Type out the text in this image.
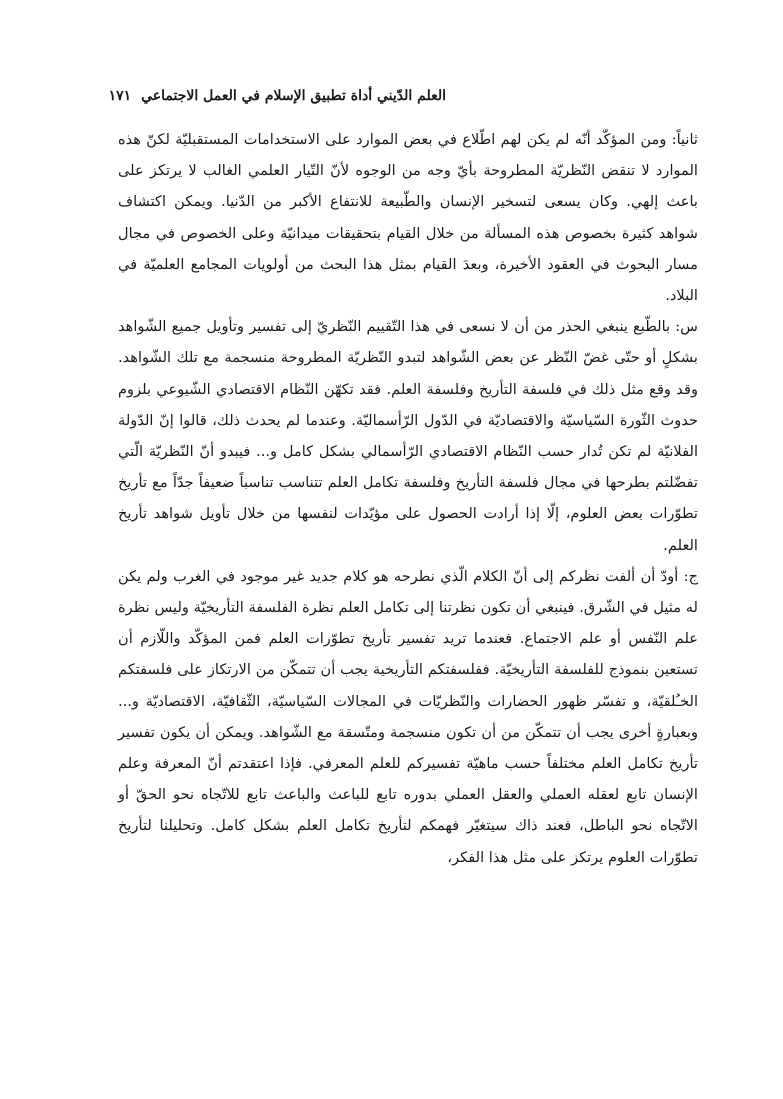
العلم الدّيني أداة تطبيق الإسلام في العمل الاجتماعي
١٧١

ثانياً: ومن المؤكّد أنّه لم يكن لهم اطّلاع في بعض الموارد على الاستخدامات المستقبليّة لكنّ هذه الموارد لا تنقض النّظريّة المطروحة بأيّ وجه من الوجوه لأنّ التّيار العلمي الغالب لا يرتكز على باعث إلهي. وكان يسعى لتسخير الإنسان والطّبيعة للانتفاع الأكبر من الدّنيا. ويمكن اكتشاف شواهد كثيرة بخصوص هذه المسألة من خلال القيام بتحقيقات ميدانيّة وعلى الخصوص في مجال مسار البحوث في العقود الأخيرة، وبعدَ القيام بمثل هذا البحث من أولويات المجامع العلميّة في البلاد.

س: بالطّبع ينبغي الحذر من أن لا نسعى في هذا التّقييم النّظريّ إلى تفسير وتأويل جميع الشّواهد بشكلٍ أو حتّى غضّ النّظر عن بعض الشّواهد لتبدو النّظريّة المطروحة منسجمة مع تلك الشّواهد. وقد وقع مثل ذلك في فلسفة التأريخ وفلسفة العلم. فقد تكهّن النّظام الاقتصادي الشّيوعي بلزوم حدوث الثّورة السّياسيّة والاقتصاديّة في الدّول الرّأسماليّة. وعندما لم يحدث ذلك، قالوا إنّ الدّولة الفلانيّة لم تكن تُدار حسب النّظام الاقتصادي الرّأسمالي بشكل كامل و... فيبدو أنّ النّظريّة الّتي تفضّلتم بطرحها في مجال فلسفة التأريخ وفلسفة تكامل العلم تتناسب تناسباً ضعيفاً جدّاً مع تأريخ تطوّرات بعض العلوم، إلّا إذا أرادت الحصول على مؤيّدات لنفسها من خلال تأويل شواهد تأريخ العلم.

ج: أودّ أن ألفت نظركم إلى أنّ الكلام الّذي نطرحه هو كلام جديد غير موجود في الغرب ولم يكن له مثيل في الشّرق. فينبغي أن تكون نظرتنا إلى تكامل العلم نظرة الفلسفة التأريخيّة وليس نظرة علم النّفس أو علم الاجتماع. فعندما تريد تفسير تأريخ تطوّرات العلم فمن المؤكّد واللّازم أن تستعين بنموذج للفلسفة التأريخيّة. ففلسفتكم التأريخية يجب أن تتمكّن من الارتكاز على فلسفتكم الخـُلقيّة، و تفسّر ظهور الحضارات والنّظريّات في المجالات السّياسيّة، الثّقافيّة، الاقتصاديّة و... وبعبارةٍ أخرى يجب أن تتمكّن من أن تكون منسجمة ومتّسقة مع الشّواهد. ويمكن أن يكون تفسير تأريخ تكامل العلم مختلفاً حسب ماهيّة تفسيركم للعلم المعرفي. فإذا اعتقدتم أنّ المعرفة وعلم الإنسان تابع لعقله العملي والعقل العملي بدوره تابع للباعث والباعث تابع للاتّجاه نحو الحقّ أو الاتّجاه نحو الباطل، فعند ذاك سيتغيّر فهمكم لتأريخ تكامل العلم بشكل كامل. وتحليلنا لتأريخ تطوّرات العلوم يرتكز على مثل هذا الفكر،
